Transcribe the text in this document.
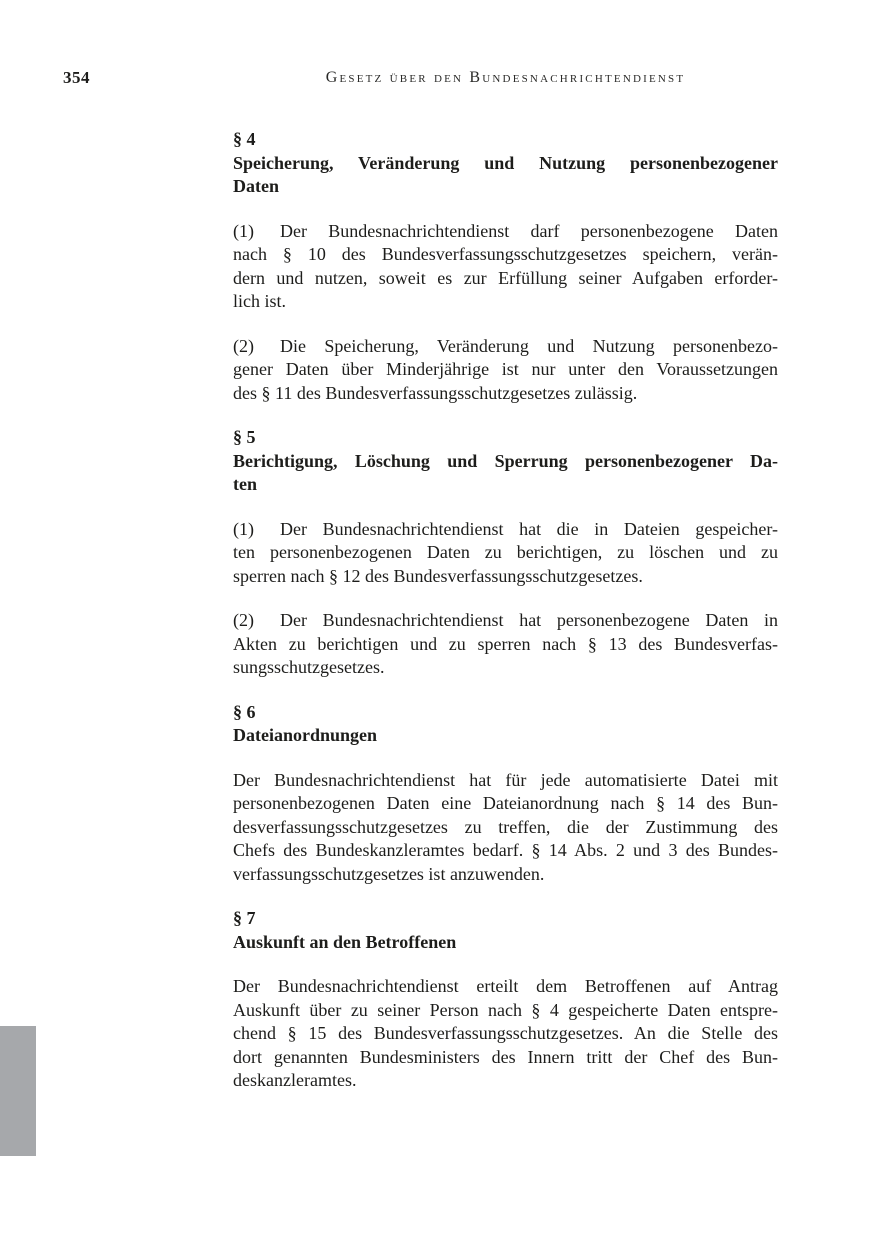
354	Gesetz über den Bundesnachrichtendienst
§ 4
Speicherung, Veränderung und Nutzung personenbezogener
Daten
(1) Der Bundesnachrichtendienst darf personenbezogene Daten
nach § 10 des Bundesverfassungsschutzgesetzes speichern, verän-
dern und nutzen, soweit es zur Erfüllung seiner Aufgaben erforder-
lich ist.
(2) Die Speicherung, Veränderung und Nutzung personenbezo-
gener Daten über Minderjährige ist nur unter den Voraussetzungen
des § 11 des Bundesverfassungsschutzgesetzes zulässig.
§ 5
Berichtigung, Löschung und Sperrung personenbezogener Da-
ten
(1) Der Bundesnachrichtendienst hat die in Dateien gespeicher-
ten personenbezogenen Daten zu berichtigen, zu löschen und zu
sperren nach § 12 des Bundesverfassungsschutzgesetzes.
(2) Der Bundesnachrichtendienst hat personenbezogene Daten in
Akten zu berichtigen und zu sperren nach § 13 des Bundesverfas-
sungsschutzgesetzes.
§ 6
Dateianordnungen
Der Bundesnachrichtendienst hat für jede automatisierte Datei mit
personenbezogenen Daten eine Dateianordnung nach § 14 des Bun-
desverfassungsschutzgesetzes zu treffen, die der Zustimmung des
Chefs des Bundeskanzleramtes bedarf. § 14 Abs. 2 und 3 des Bundes-
verfassungsschutzgesetzes ist anzuwenden.
§ 7
Auskunft an den Betroffenen
Der Bundesnachrichtendienst erteilt dem Betroffenen auf Antrag
Auskunft über zu seiner Person nach § 4 gespeicherte Daten entspre-
chend § 15 des Bundesverfassungsschutzgesetzes. An die Stelle des
dort genannten Bundesministers des Innern tritt der Chef des Bun-
deskanzleramtes.
